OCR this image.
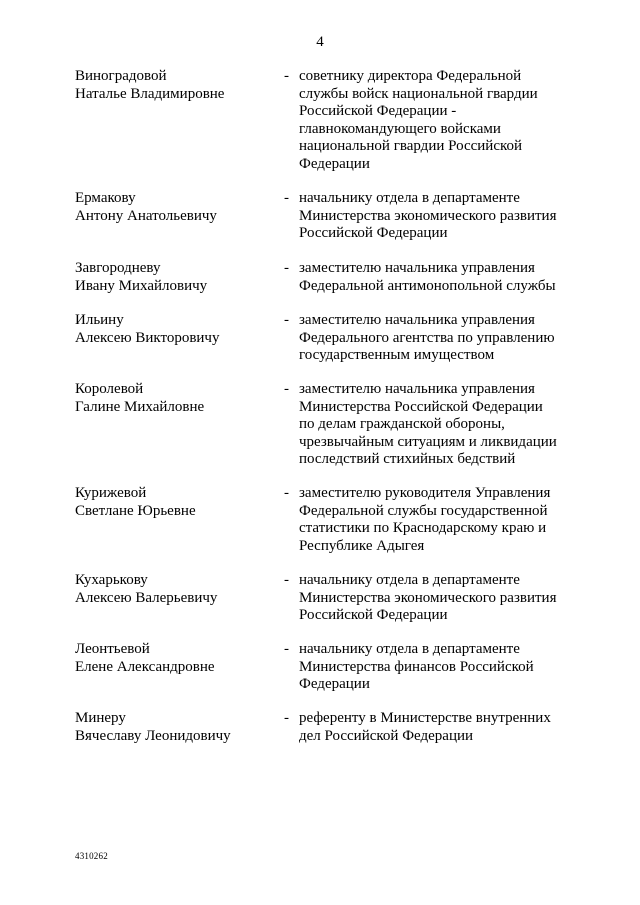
4
Виноградовой
Наталье Владимировне
- советнику директора Федеральной
службы войск национальной гвардии
Российской Федерации -
главнокомандующего войсками
национальной гвардии Российской
Федерации
Ермакову
Антону Анатольевичу
- начальнику отдела в департаменте
Министерства экономического развития
Российской Федерации
Завгородневу
Ивану Михайловичу
- заместителю начальника управления
Федеральной антимонопольной службы
Ильину
Алексею Викторовичу
- заместителю начальника управления
Федерального агентства по управлению
государственным имуществом
Королевой
Галине Михайловне
- заместителю начальника управления
Министерства Российской Федерации
по делам гражданской обороны,
чрезвычайным ситуациям и ликвидации
последствий стихийных бедствий
Курижевой
Светлане Юрьевне
- заместителю руководителя Управления
Федеральной службы государственной
статистики по Краснодарскому краю и
Республике Адыгея
Кухарькову
Алексею Валерьевичу
- начальнику отдела в департаменте
Министерства экономического развития
Российской Федерации
Леонтьевой
Елене Александровне
- начальнику отдела в департаменте
Министерства финансов Российской
Федерации
Минеру
Вячеславу Леонидовичу
- референту в Министерстве внутренних
дел Российской Федерации
4310262
